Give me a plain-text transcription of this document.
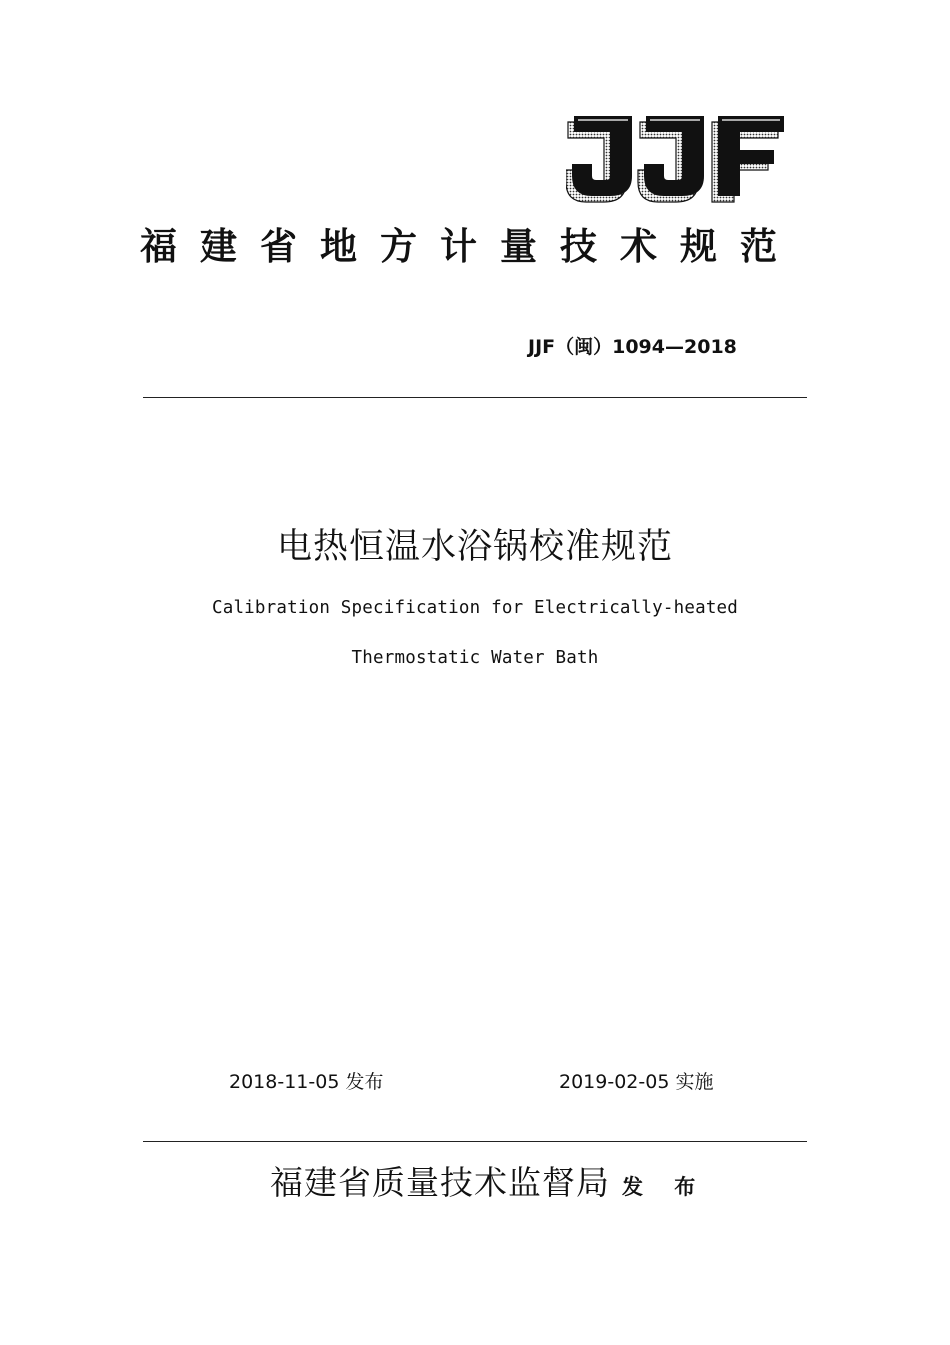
福建省地方计量技术规范
JJF（闽）1094—2018
电热恒温水浴锅校准规范
Calibration Specification for Electrically-heated
Thermostatic Water Bath
2018-11-05 发布	2019-02-05 实施
福建省质量技术监督局 发 布
